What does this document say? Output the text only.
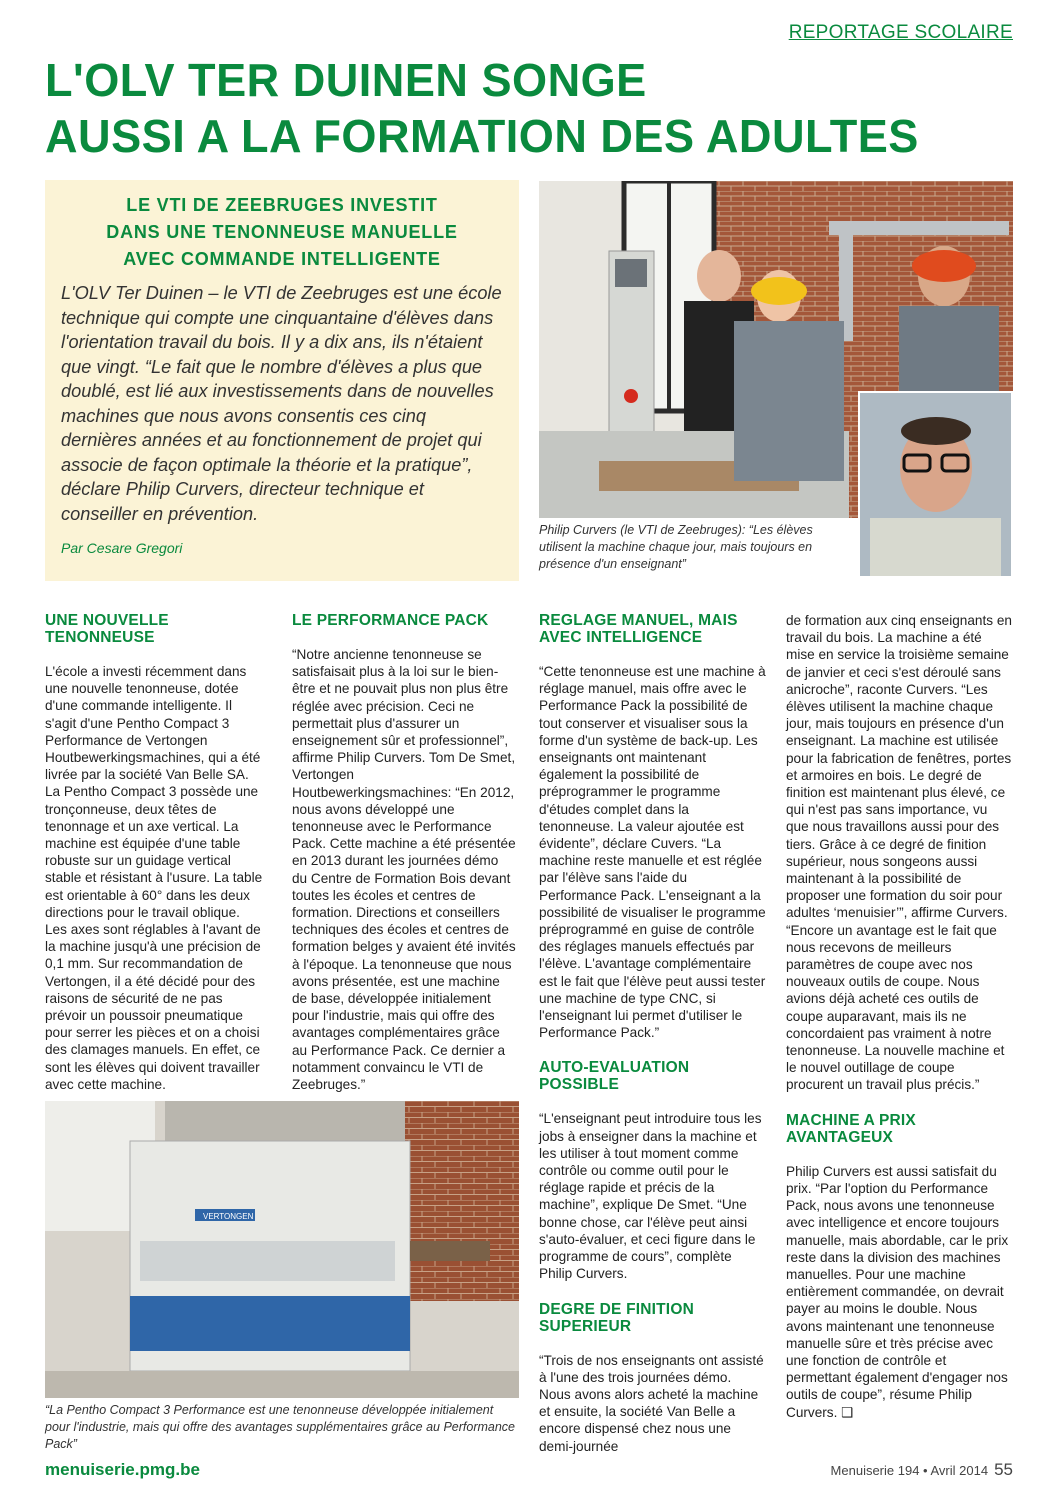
REPORTAGE SCOLAIRE
L'OLV TER DUINEN SONGE
AUSSI A LA FORMATION DES ADULTES
LE VTI DE ZEEBRUGES INVESTIT
DANS UNE TENONNEUSE MANUELLE
AVEC COMMANDE INTELLIGENTE

L'OLV Ter Duinen – le VTI de Zeebruges est une école technique qui compte une cinquantaine d'élèves dans l'orientation travail du bois. Il y a dix ans, ils n'étaient que vingt. “Le fait que le nombre d'élèves a plus que doublé, est lié aux investissements dans de nouvelles machines que nous avons consentis ces cinq dernières années et au fonctionnement de projet qui associe de façon optimale la théorie et la pratique”, déclare Philip Curvers, directeur technique et conseiller en prévention.

Par Cesare Gregori

Philip Curvers (le VTI de Zeebruges): “Les élèves utilisent la machine chaque jour, mais toujours en présence d'un enseignant”
UNE NOUVELLE TENONNEUSE

L'école a investi récemment dans une nouvelle tenonneuse, dotée d'une commande intelligente. Il s'agit d'une Pentho Compact 3 Performance de Vertongen Houtbewerkingsmachines, qui a été livrée par la société Van Belle SA. La Pentho Compact 3 possède une tronçonneuse, deux têtes de tenonnage et un axe vertical. La machine est équipée d'une table robuste sur un guidage vertical stable et résistant à l'usure. La table est orientable à 60° dans les deux directions pour le travail oblique. Les axes sont réglables à l'avant de la machine jusqu'à une précision de 0,1 mm. Sur recommandation de Vertongen, il a été décidé pour des raisons de sécurité de ne pas prévoir un poussoir pneumatique pour serrer les pièces et on a choisi des clamages manuels. En effet, ce sont les élèves qui doivent travailler avec cette machine.

LE PERFORMANCE PACK

“Notre ancienne tenonneuse se satisfaisait plus à la loi sur le bien-être et ne pouvait plus non plus être réglée avec précision. Ceci ne permettait plus d'assurer un enseignement sûr et professionnel”, affirme Philip Curvers. Tom De Smet, Vertongen Houtbewerkingsmachines: “En 2012, nous avons développé une tenonneuse avec le Performance Pack. Cette machine a été présentée en 2013 durant les journées démo du Centre de Formation Bois devant toutes les écoles et centres de formation. Directions et conseillers techniques des écoles et centres de formation belges y avaient été invités à l'époque. La tenonneuse que nous avons présentée, est une machine de base, développée initialement pour l'industrie, mais qui offre des avantages complémentaires grâce au Performance Pack. Ce dernier a notamment convaincu le VTI de Zeebruges.”

REGLAGE MANUEL, MAIS AVEC INTELLIGENCE

“Cette tenonneuse est une machine à réglage manuel, mais offre avec le Performance Pack la possibilité de tout conserver et visualiser sous la forme d'un système de back-up. Les enseignants ont maintenant également la possibilité de préprogrammer le programme d'études complet dans la tenonneuse. La valeur ajoutée est évidente”, déclare Cuvers. “La machine reste manuelle et est réglée par l'élève sans l'aide du Performance Pack. L'enseignant a la possibilité de visualiser le programme préprogrammé en guise de contrôle des réglages manuels effectués par l'élève. L'avantage complémentaire est le fait que l'élève peut aussi tester une machine de type CNC, si l'enseignant lui permet d'utiliser le Performance Pack.”

AUTO-EVALUATION POSSIBLE

“L'enseignant peut introduire tous les jobs à enseigner dans la machine et les utiliser à tout moment comme contrôle ou comme outil pour le réglage rapide et précis de la machine”, explique De Smet. “Une bonne chose, car l'élève peut ainsi s'auto-évaluer, et ceci figure dans le programme de cours”, complète Philip Curvers.

DEGRE DE FINITION SUPERIEUR

“Trois de nos enseignants ont assisté à l'une des trois journées démo. Nous avons alors acheté la machine et ensuite, la société Van Belle a encore dispensé chez nous une demi-journée

de formation aux cinq enseignants en travail du bois. La machine a été mise en service la troisième semaine de janvier et ceci s'est déroulé sans anicroche”, raconte Curvers. “Les élèves utilisent la machine chaque jour, mais toujours en présence d'un enseignant. La machine est utilisée pour la fabrication de fenêtres, portes et armoires en bois. Le degré de finition est maintenant plus élevé, ce qui n'est pas sans importance, vu que nous travaillons aussi pour des tiers. Grâce à ce degré de finition supérieur, nous songeons aussi maintenant à la possibilité de proposer une formation du soir pour adultes ‘menuisier’”, affirme Curvers. “Encore un avantage est le fait que nous recevons de meilleurs paramètres de coupe avec nos nouveaux outils de coupe. Nous avions déjà acheté ces outils de coupe auparavant, mais ils ne concordaient pas vraiment à notre tenonneuse. La nouvelle machine et le nouvel outillage de coupe procurent un travail plus précis.”

MACHINE A PRIX AVANTAGEUX

Philip Curvers est aussi satisfait du prix. “Par l'option du Performance Pack, nous avons une tenonneuse avec intelligence et encore toujours manuelle, mais abordable, car le prix reste dans la division des machines manuelles. Pour une machine entièrement commandée, on devrait payer au moins le double. Nous avons maintenant une tenonneuse manuelle sûre et très précise avec une fonction de contrôle et permettant également d'engager nos outils de coupe”, résume Philip Curvers. ❑

VERTONGEN
“La Pentho Compact 3 Performance est une tenonneuse développée initialement pour l'industrie, mais qui offre des avantages supplémentaires grâce au Performance Pack”
menuiserie.pmg.be	Menuiserie 194 • Avril 2014 55
